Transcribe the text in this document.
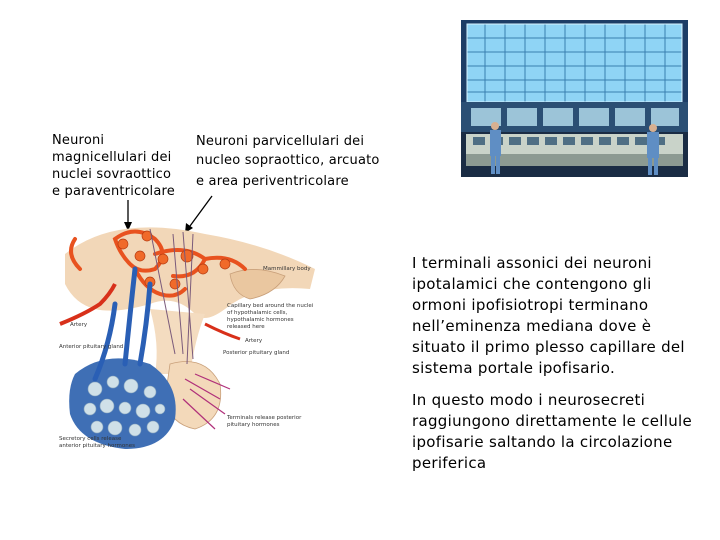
Neuroni
magnicellulari dei
nuclei sovraottico
e paraventricolare
Neuroni parvicellulari dei
nucleo sopraottico, arcuato
e area periventricolare
Mammillary body
Capillary bed around the nuclei
of hypothalamic cells,
hypothalamic hormones
released here
Artery
Artery
Anterior pituitary gland
Posterior pituitary gland
Terminals release posterior
pituitary hormones
Secretory cells release
anterior pituitary hormones

I terminali assonici dei neuroni ipotalamici che contengono gli ormoni ipofisiotropi terminano nell’eminenza mediana dove è situato il primo plesso capillare del sistema portale ipofisario.

In questo modo i neurosecreti raggiungono direttamente le cellule ipofisarie saltando la circolazione periferica
